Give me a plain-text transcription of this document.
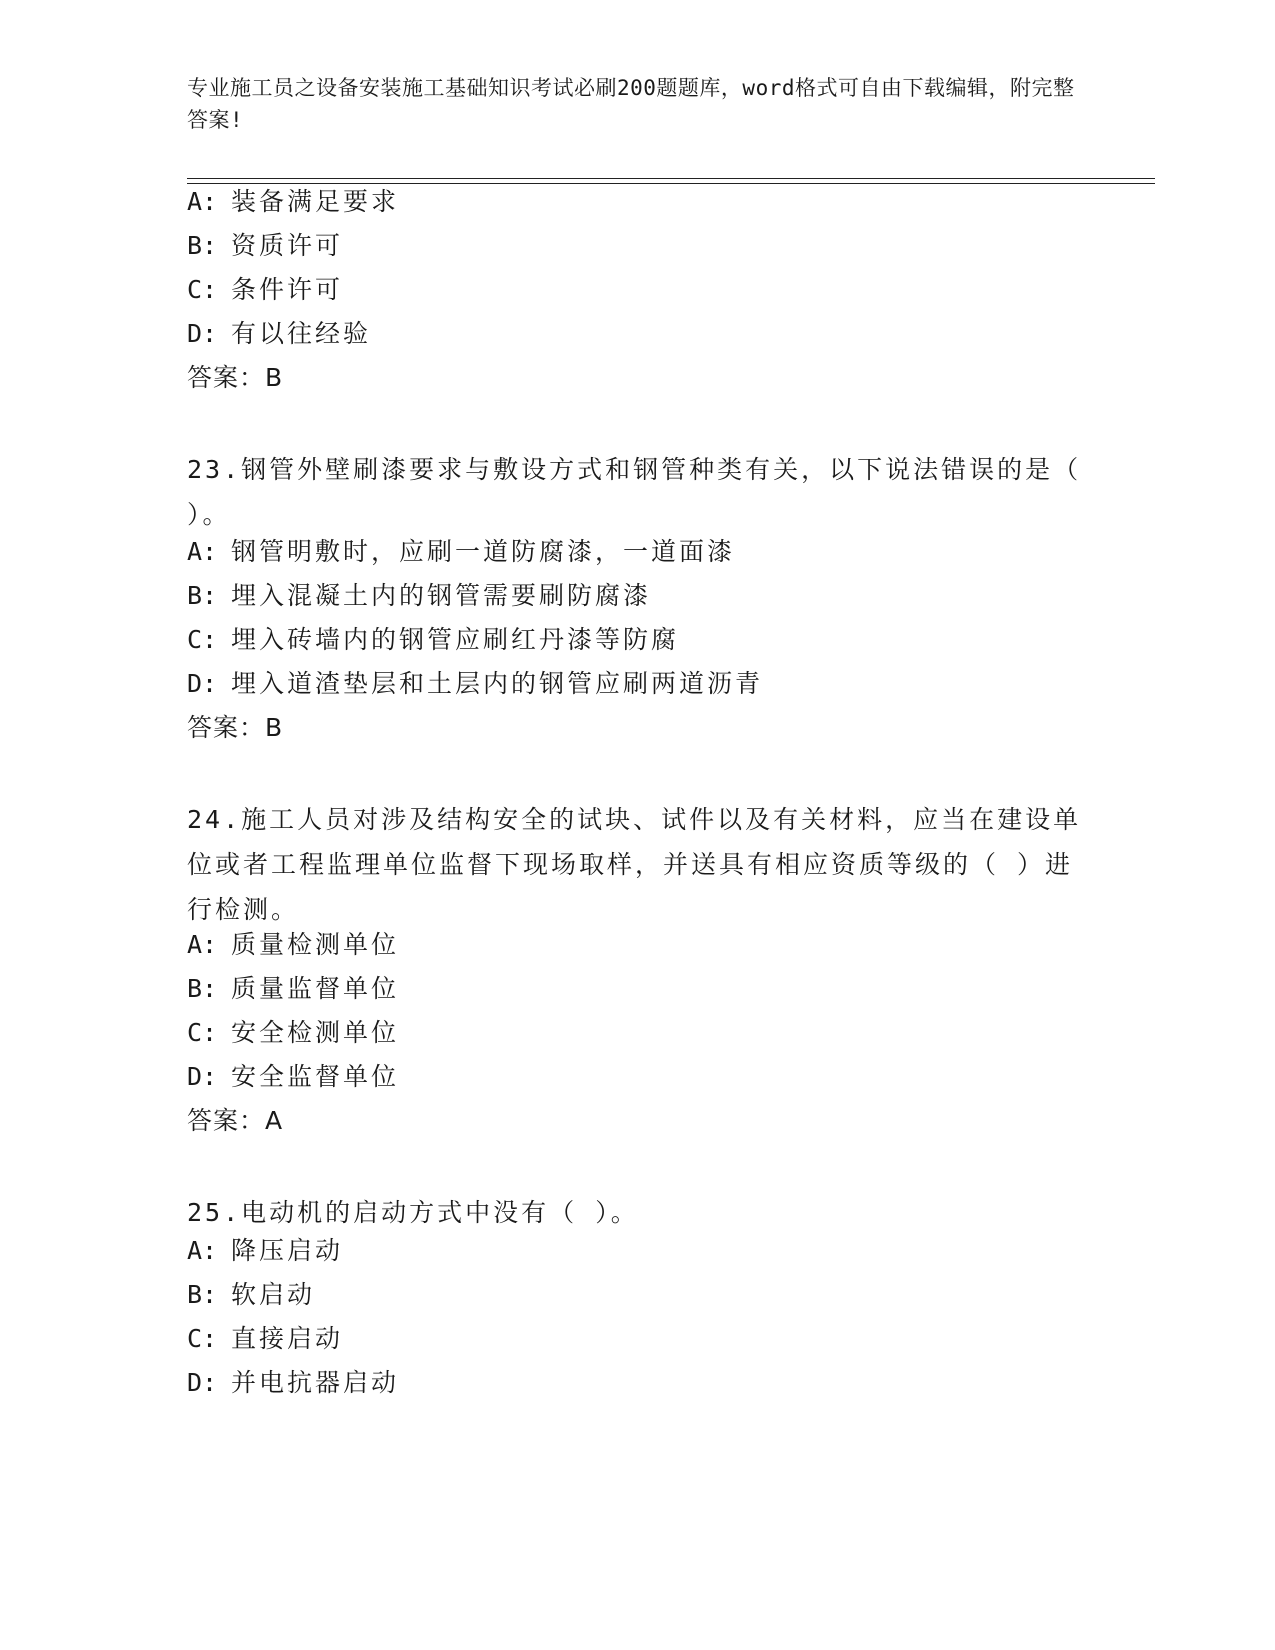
专业施工员之设备安装施工基础知识考试必刷200题题库，word格式可自由下载编辑，附完整答案!
A: 装备满足要求
B: 资质许可
C: 条件许可
D: 有以往经验
答案：B
23.钢管外壁刷漆要求与敷设方式和钢管种类有关，以下说法错误的是（ ）。
A: 钢管明敷时，应刷一道防腐漆，一道面漆
B: 埋入混凝土内的钢管需要刷防腐漆
C: 埋入砖墙内的钢管应刷红丹漆等防腐
D: 埋入道渣垫层和土层内的钢管应刷两道沥青
答案：B
24.施工人员对涉及结构安全的试块、试件以及有关材料，应当在建设单位或者工程监理单位监督下现场取样，并送具有相应资质等级的（ ）进行检测。
A: 质量检测单位
B: 质量监督单位
C: 安全检测单位
D: 安全监督单位
答案：A
25.电动机的启动方式中没有（ ）。
A: 降压启动
B: 软启动
C: 直接启动
D: 并电抗器启动
